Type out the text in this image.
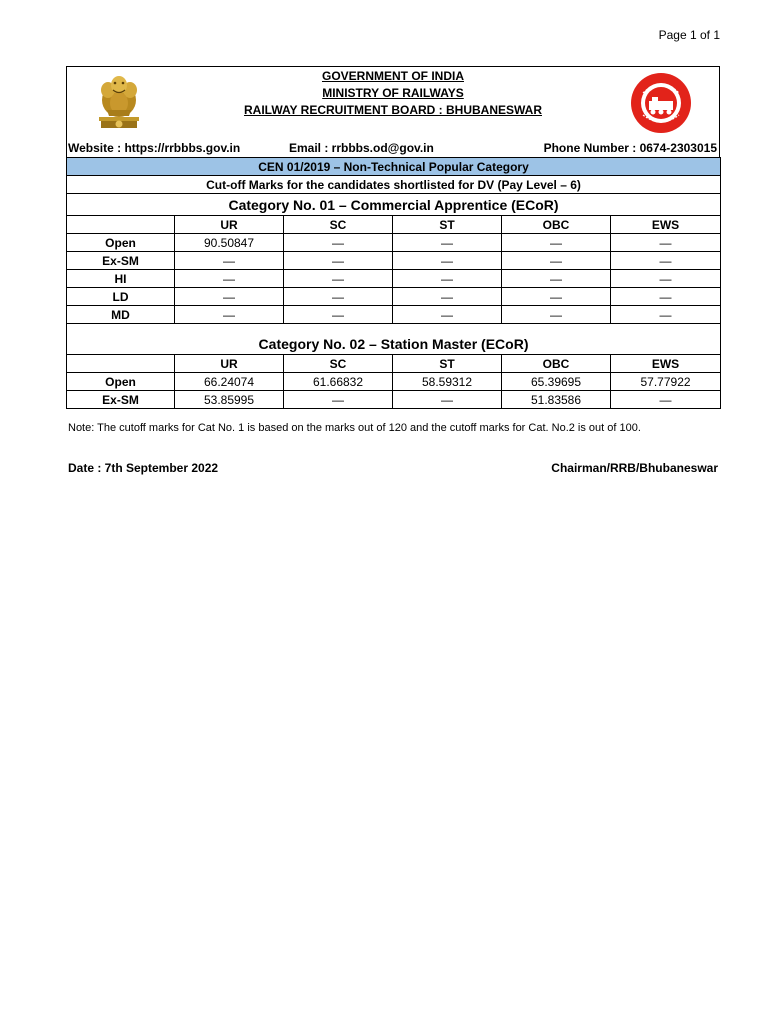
Page 1 of 1
GOVERNMENT OF INDIA
MINISTRY OF RAILWAYS
RAILWAY RECRUITMENT BOARD : BHUBANESWAR
Website : https://rrbbbs.gov.in	Email : rrbbbs.od@gov.in	Phone Number : 0674-2303015
CEN 01/2019 – Non-Technical Popular Category					
Cut-off Marks for the candidates shortlisted for DV (Pay Level – 6)					
Category No. 01 – Commercial Apprentice (ECoR)					
	UR	SC	ST	OBC	EWS
Open	90.50847	—	—	—	—
Ex-SM	—	—	—	—	—
HI	—	—	—	—	—
LD	—	—	—	—	—
MD	—	—	—	—	—

Category No. 02 – Station Master (ECoR)					
	UR	SC	ST	OBC	EWS
Open	66.24074	61.66832	58.59312	65.39695	57.77922
Ex-SM	53.85995	—	—	51.83586	—
Note: The cutoff marks for Cat No. 1 is based on the marks out of 120 and the cutoff marks for Cat. No.2 is out of 100.
Date : 7th September 2022	Chairman/RRB/Bhubaneswar
